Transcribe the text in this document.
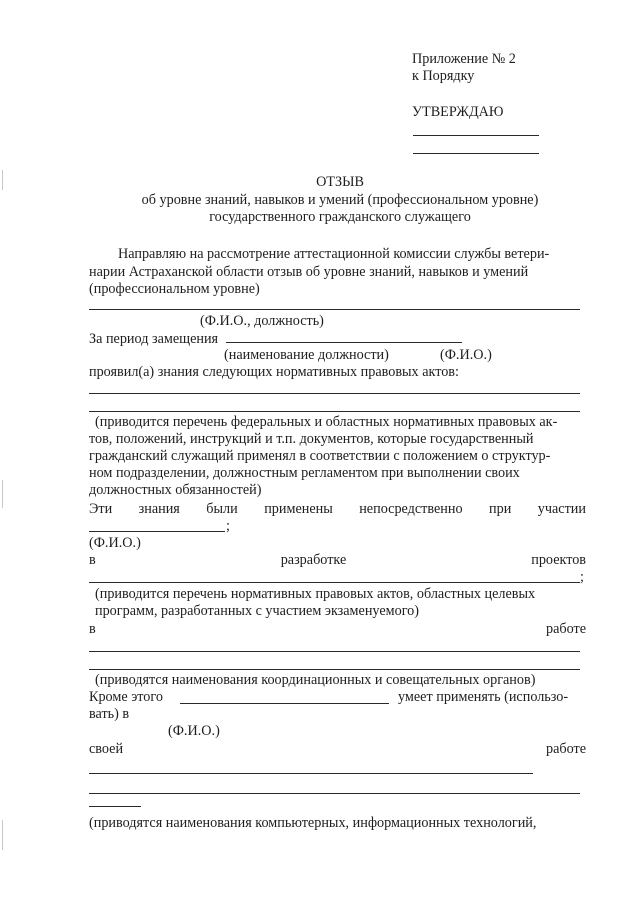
Приложение № 2
к Порядку
УТВЕРЖДАЮ
ОТЗЫВ
об уровне знаний, навыков и умений (профессиональном уровне)
государственного гражданского служащего
Направляю на рассмотрение аттестационной комиссии службы ветери-
нарии Астраханской области отзыв об уровне знаний, навыков и умений
(профессиональном уровне)
(Ф.И.О., должность)
За период замещения
(наименование должности)	(Ф.И.О.)
проявил(а) знания следующих нормативных правовых актов:
(приводится перечень федеральных и областных нормативных правовых ак-
тов, положений, инструкций и т.п. документов, которые государственный
гражданский служащий применял в соответствии с положением о структур-
ном подразделении, должностным регламентом при выполнении своих
должностных обязанностей)
Эти знания были применены непосредственно при участии
;
(Ф.И.О.)
в	разработке	проектов
;
(приводится перечень нормативных правовых актов, областных целевых
программ, разработанных с участием экзаменуемого)
в	работе
(приводятся наименования координационных и совещательных органов)
Кроме этого	умеет применять (использо-
вать) в
(Ф.И.О.)
своей	работе
(приводятся наименования компьютерных, информационных технологий,
